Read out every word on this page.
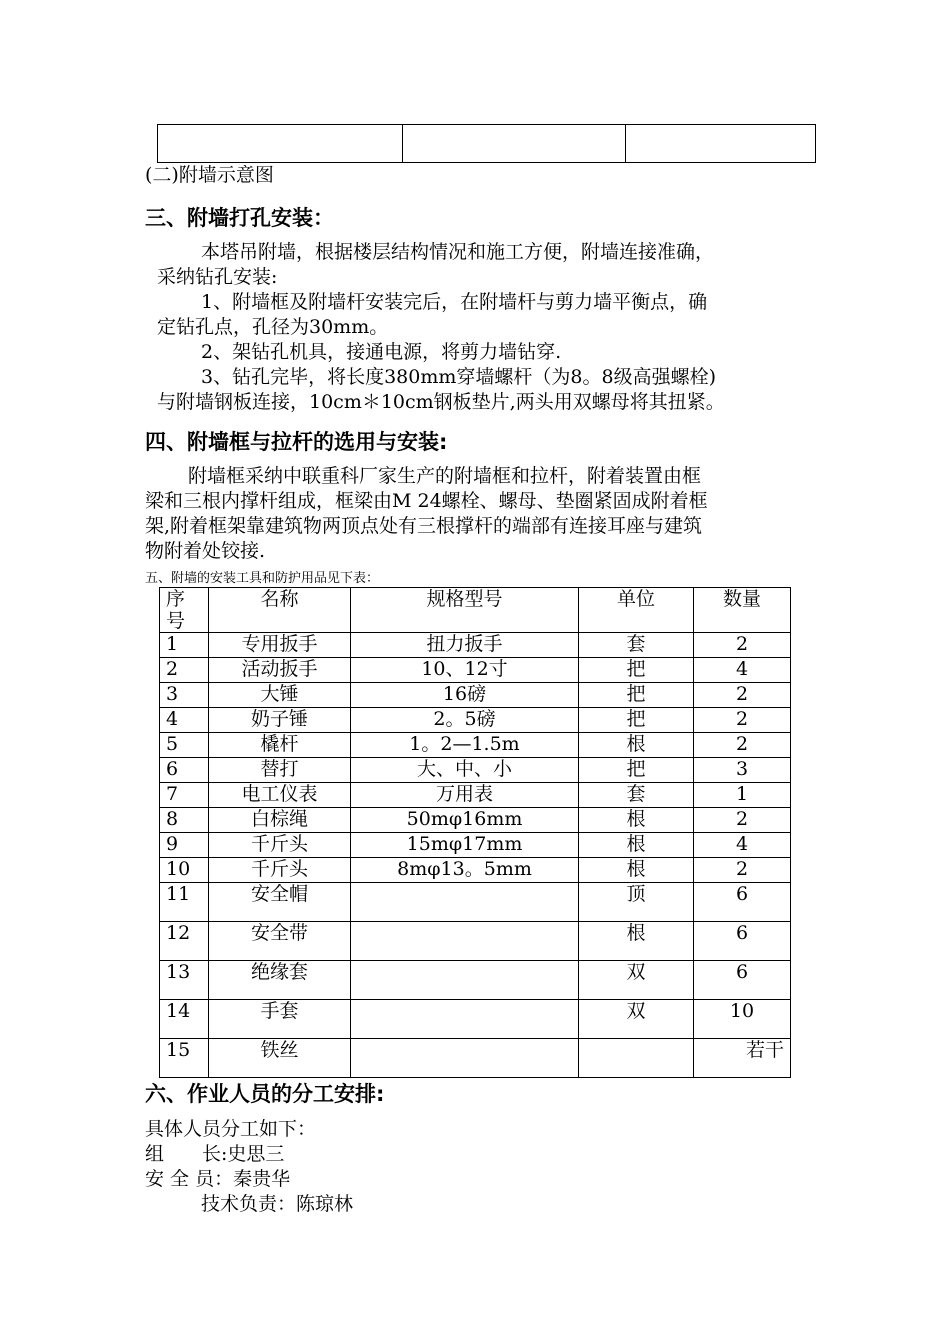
(二)附墙示意图
三、附墙打孔安装：
本塔吊附墙，根据楼层结构情况和施工方便，附墙连接准确，
采纳钻孔安装:
1、附墙框及附墙杆安装完后，在附墙杆与剪力墙平衡点，确
定钻孔点，孔径为30mm。
2、架钻孔机具，接通电源，将剪力墙钻穿.
3、钻孔完毕，将长度380mm穿墙螺杆（为8。8级高强螺栓)
与附墙钢板连接，10cm＊10cm钢板垫片,两头用双螺母将其扭紧。
四、附墙框与拉杆的选用与安装:
附墙框采纳中联重科厂家生产的附墙框和拉杆，附着装置由框
梁和三根内撑杆组成，框梁由M 24螺栓、螺母、垫圈紧固成附着框
架,附着框架靠建筑物两顶点处有三根撑杆的端部有连接耳座与建筑
物附着处铰接.
五、附墙的安装工具和防护用品见下表：
序号	名称	规格型号	单位	数量
1	专用扳手	扭力扳手	套	2
2	活动扳手	10、12寸	把	4
3	大锤	16磅	把	2
4	奶子锤	2。5磅	把	2
5	橇杆	1。2—1.5m	根	2
6	替打	大、中、小	把	3
7	电工仪表	万用表	套	1
8	白棕绳	50mφ16mm	根	2
9	千斤头	15mφ17mm	根	4
10	千斤头	8mφ13。5mm	根	2
11	安全帽		顶	6
12	安全带		根	6
13	绝缘套		双	6
14	手套		双	10
15	铁丝			若干
六、作业人员的分工安排:
具体人员分工如下：
组　　长:史思三
安 全 员：秦贵华
技术负责：陈琼林
